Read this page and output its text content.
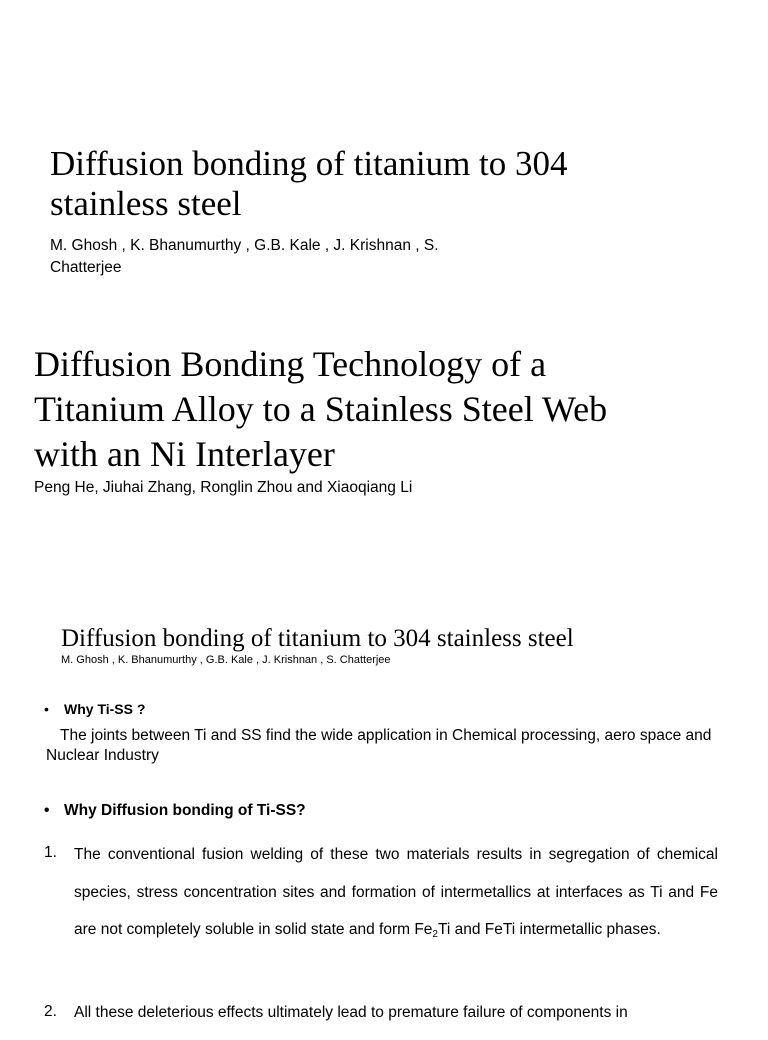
Diffusion bonding of titanium to 304 stainless steel
M. Ghosh , K. Bhanumurthy , G.B. Kale , J. Krishnan , S. Chatterjee
Diffusion Bonding Technology of a Titanium Alloy to a Stainless Steel Web with an Ni Interlayer
Peng He, Jiuhai Zhang, Ronglin Zhou and Xiaoqiang Li
Diffusion bonding of titanium to 304 stainless steel
M. Ghosh , K. Bhanumurthy , G.B. Kale , J. Krishnan , S. Chatterjee
• Why Ti-SS ?

The joints between Ti and SS find the wide application in Chemical processing, aero space and Nuclear Industry

• Why Diffusion bonding of Ti-SS?
1.	The conventional fusion welding of these two materials results in segregation of chemical species, stress concentration sites and formation of intermetallics at interfaces as Ti and Fe are not completely soluble in solid state and form $Fe_2Ti$ and FeTi intermetallic phases.
2.	All these deleterious effects ultimately lead to premature failure of components in
